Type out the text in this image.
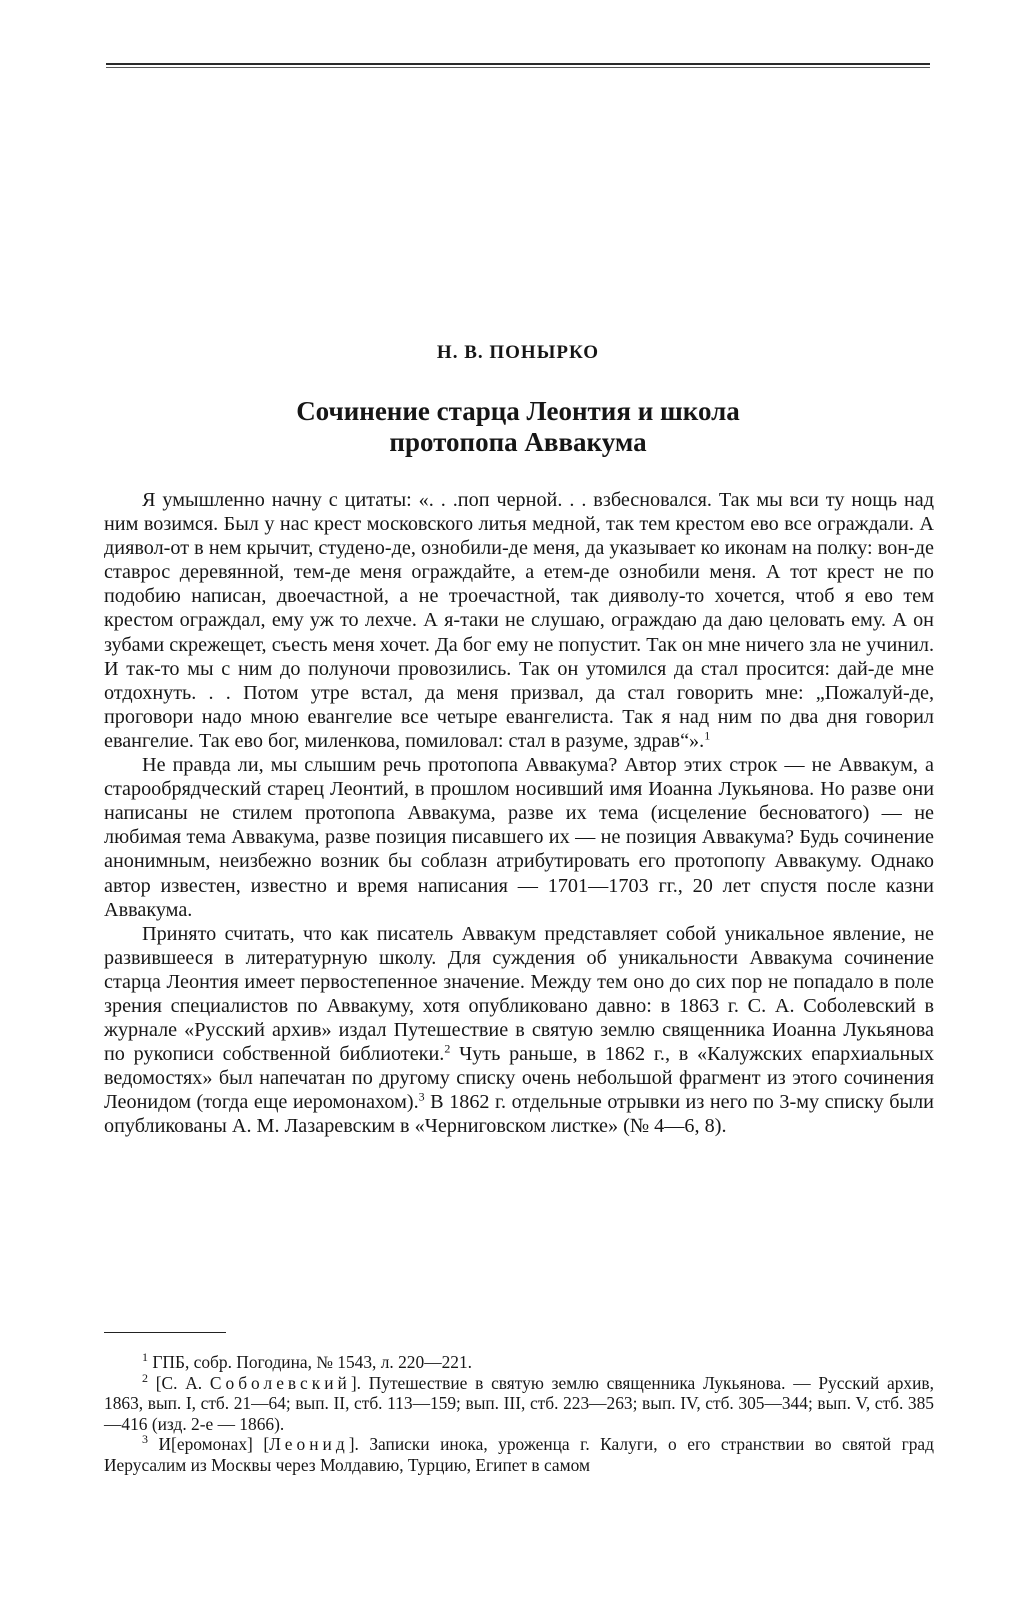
Н. В. ПОНЫРКО
Сочинение старца Леонтия и школа
протопопа Аввакума

Я умышленно начну с цитаты: «. . .поп черной. . . взбесновался. Так мы вси ту нощь над ним возимся. Был у нас крест московского литья медной, так тем крестом ево все ограждали. А диявол-от в нем крычит, студено-де, ознобили-де меня, да указывает ко иконам на полку: вон-де ставрос деревянной, тем-де меня ограждайте, а етем-де ознобили меня. А тот крест не по подобию написан, двоечастной, а не троечастной, так дияволу-то хочется, чтоб я ево тем крестом ограждал, ему уж то лехче. А я-таки не слушаю, ограждаю да даю целовать ему. А он зубами скрежещет, съесть меня хочет. Да бог ему не попустит. Так он мне ничего зла не учинил. И так-то мы с ним до полуночи провозились. Так он утомился да стал просится: дай-де мне отдохнуть. . . Потом утре встал, да меня призвал, да стал говорить мне: „Пожалуй-де, проговори надо мною евангелие все четыре евангелиста. Так я над ним по два дня говорил евангелие. Так ево бог, миленкова, помиловал: стал в разуме, здрав“».$^1$

Не правда ли, мы слышим речь протопопа Аввакума? Автор этих строк — не Аввакум, а старообрядческий старец Леонтий, в прошлом носивший имя Иоанна Лукьянова. Но разве они написаны не стилем протопопа Аввакума, разве их тема (исцеление бесноватого) — не любимая тема Аввакума, разве позиция писавшего их — не позиция Аввакума? Будь сочинение анонимным, неизбежно возник бы соблазн атрибутировать его протопопу Аввакуму. Однако автор известен, известно и время написания — 1701—1703 гг., 20 лет спустя после казни Аввакума.

Принято считать, что как писатель Аввакум представляет собой уникальное явление, не развившееся в литературную школу. Для суждения об уникальности Аввакума сочинение старца Леонтия имеет первостепенное значение. Между тем оно до сих пор не попадало в поле зрения специалистов по Аввакуму, хотя опубликовано давно: в 1863 г. С. А. Соболевский в журнале «Русский архив» издал Путешествие в святую землю священника Иоанна Лукьянова по рукописи собственной библиотеки.$^2$ Чуть раньше, в 1862 г., в «Калужских епархиальных ведомостях» был напечатан по другому списку очень небольшой фрагмент из этого сочинения Леонидом (тогда еще иеромонахом).$^3$ В 1862 г. отдельные отрывки из него по 3-му списку были опубликованы А. М. Лазаревским в «Черниговском листке» (№ 4—6, 8).

$^1$ ГПБ, собр. Погодина, № 1543, л. 220—221.

$^2$ [С. А. Соболевский]. Путешествие в святую землю священника Лукьянова. — Русский архив, 1863, вып. I, стб. 21—64; вып. II, стб. 113—159; вып. III, стб. 223—263; вып. IV, стб. 305—344; вып. V, стб. 385—416 (изд. 2-е — 1866).

$^3$ И[еромонах] [Леонид]. Записки инока, уроженца г. Калуги, о его странствии во святой град Иерусалим из Москвы через Молдавию, Турцию, Египет в самом
